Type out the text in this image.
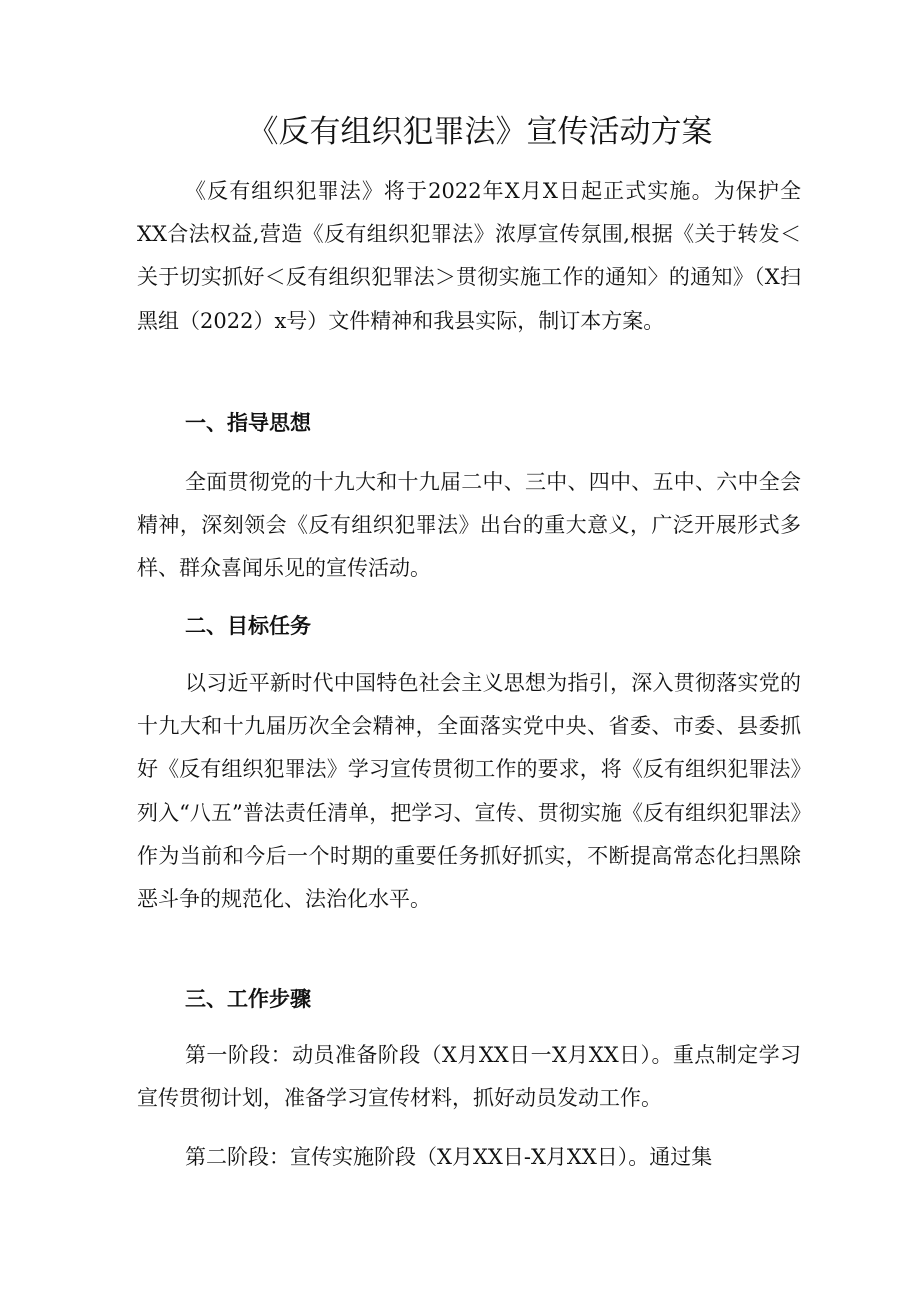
《反有组织犯罪法》宣传活动方案

《反有组织犯罪法》将于2022年X月X日起正式实施。为保护全XX合法权益,营造《反有组织犯罪法》浓厚宣传氛围,根据《关于转发＜关于切实抓好＜反有组织犯罪法＞贯彻实施工作的通知〉的通知》（X扫黑组（2022）x号）文件精神和我县实际，制订本方案。

一、指导思想

全面贯彻党的十九大和十九届二中、三中、四中、五中、六中全会精神，深刻领会《反有组织犯罪法》出台的重大意义，广泛开展形式多样、群众喜闻乐见的宣传活动。

二、目标任务

以习近平新时代中国特色社会主义思想为指引，深入贯彻落实党的十九大和十九届历次全会精神，全面落实党中央、省委、市委、县委抓好《反有组织犯罪法》学习宣传贯彻工作的要求，将《反有组织犯罪法》列入“八五”普法责任清单，把学习、宣传、贯彻实施《反有组织犯罪法》作为当前和今后一个时期的重要任务抓好抓实，不断提高常态化扫黑除恶斗争的规范化、法治化水平。

三、工作步骤

第一阶段：动员准备阶段（X月XX日一X月XX日）。重点制定学习宣传贯彻计划，准备学习宣传材料，抓好动员发动工作。

第二阶段：宣传实施阶段（X月XX日-X月XX日）。通过集
